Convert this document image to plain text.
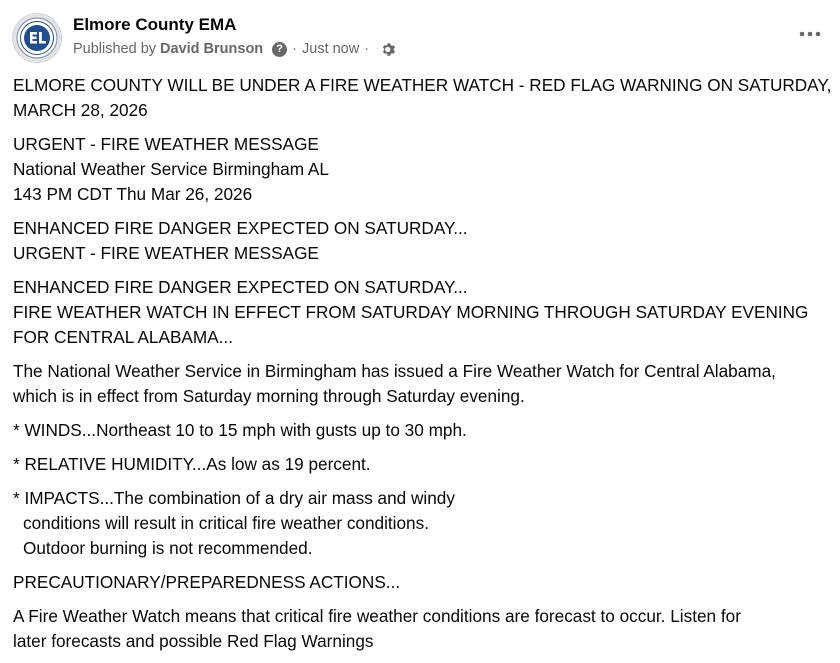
Elmore County EMA
Published by David Brunson	? · Just now ·

ELMORE COUNTY WILL BE UNDER A FIRE WEATHER WATCH - RED FLAG WARNING ON SATURDAY,
MARCH 28, 2026

URGENT - FIRE WEATHER MESSAGE
National Weather Service Birmingham AL
143 PM CDT Thu Mar 26, 2026

ENHANCED FIRE DANGER EXPECTED ON SATURDAY...
URGENT - FIRE WEATHER MESSAGE

ENHANCED FIRE DANGER EXPECTED ON SATURDAY...
FIRE WEATHER WATCH IN EFFECT FROM SATURDAY MORNING THROUGH SATURDAY EVENING
FOR CENTRAL ALABAMA...

The National Weather Service in Birmingham has issued a Fire Weather Watch for Central Alabama,
which is in effect from Saturday morning through Saturday evening.

* WINDS...Northeast 10 to 15 mph with gusts up to 30 mph.

* RELATIVE HUMIDITY...As low as 19 percent.

* IMPACTS...The combination of a dry air mass and windy
conditions will result in critical fire weather conditions.
Outdoor burning is not recommended.

PRECAUTIONARY/PREPAREDNESS ACTIONS...

A Fire Weather Watch means that critical fire weather conditions are forecast to occur. Listen for
later forecasts and possible Red Flag Warnings
